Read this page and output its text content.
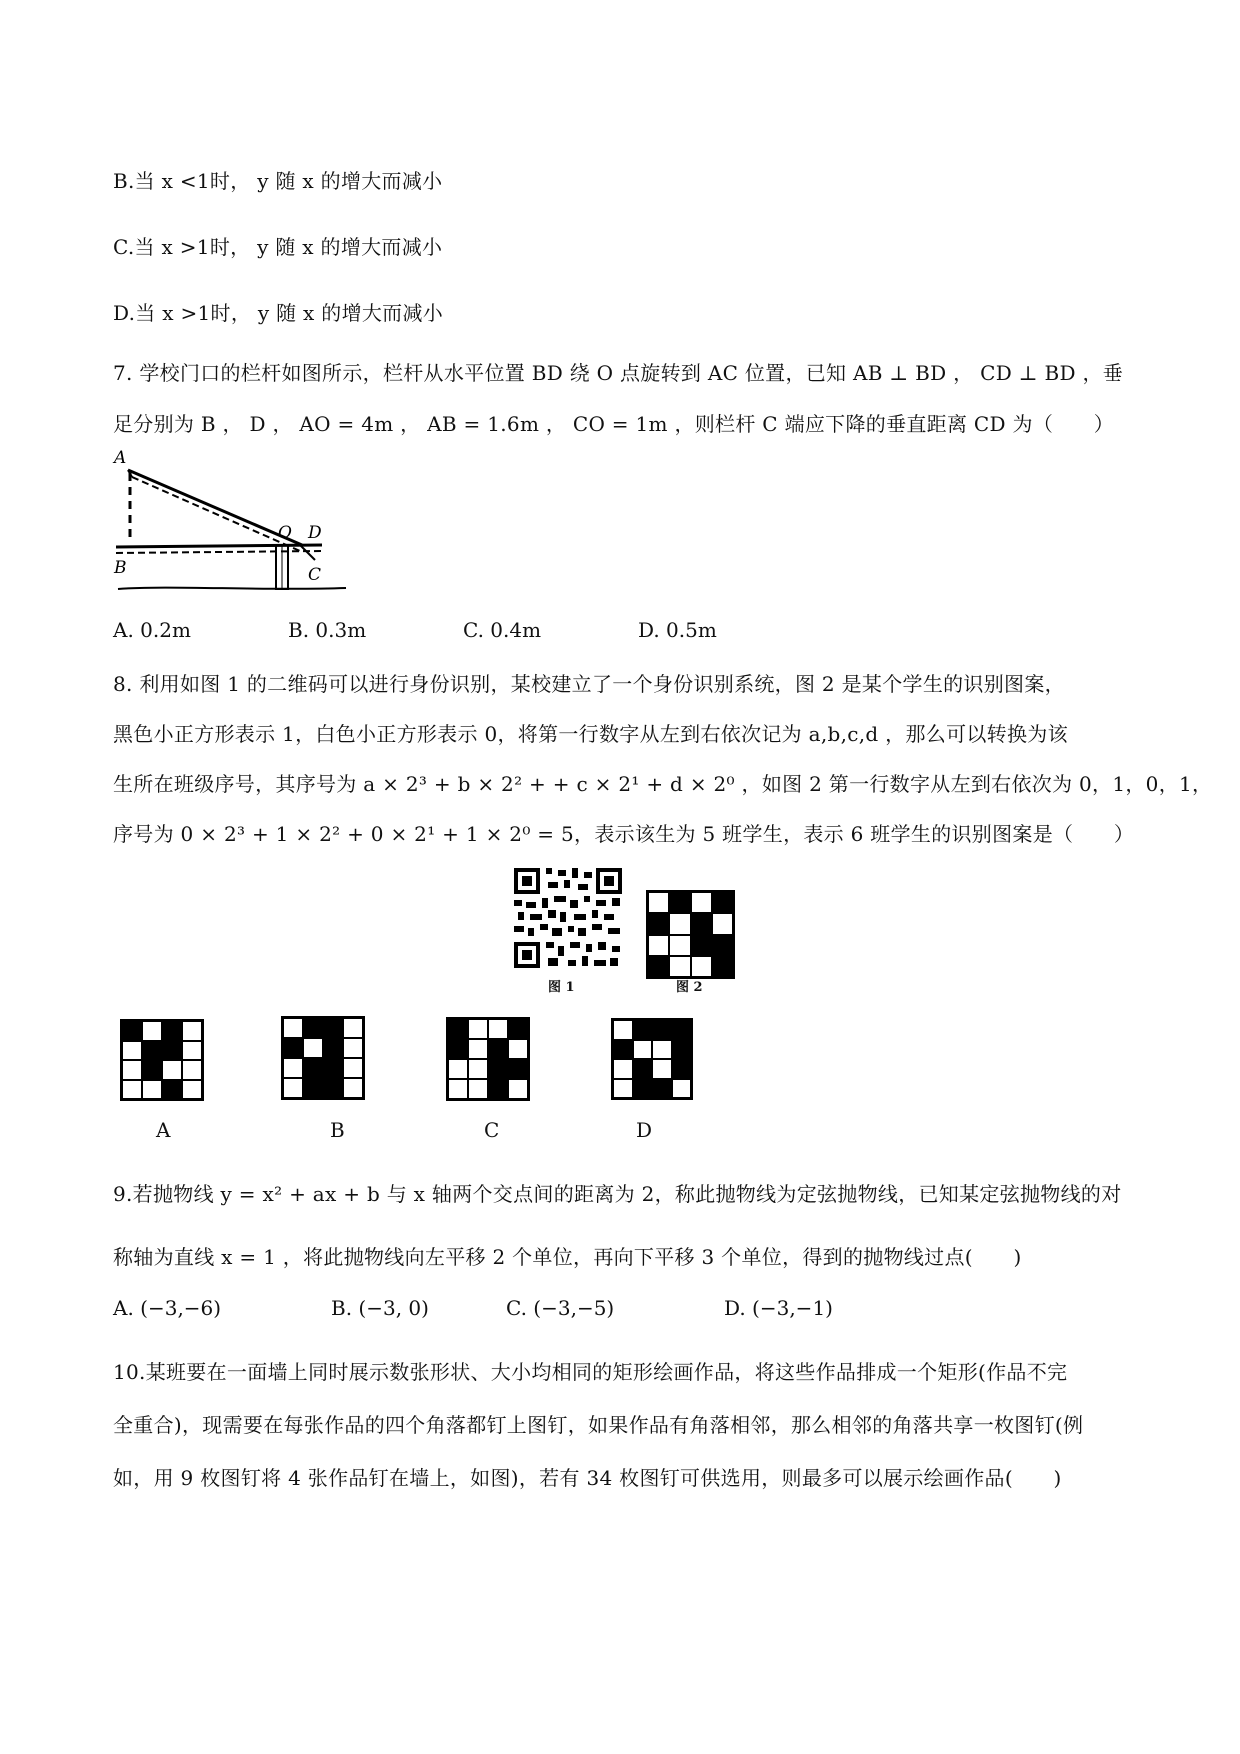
B.当 x <1时， y 随 x 的增大而减小
C.当 x >1时， y 随 x 的增大而减小
D.当 x >1时， y 随 x 的增大而减小
7. 学校门口的栏杆如图所示，栏杆从水平位置 BD 绕 O 点旋转到 AC 位置，已知 AB ⊥ BD ， CD ⊥ BD ，垂
足分别为 B ， D ， AO = 4m ， AB = 1.6m ， CO = 1m ，则栏杆 C 端应下降的垂直距离 CD 为（　　）
A
B
O D
C
A. 0.2m	B. 0.3m	C. 0.4m	D. 0.5m
8. 利用如图 1 的二维码可以进行身份识别，某校建立了一个身份识别系统，图 2 是某个学生的识别图案，
黑色小正方形表示 1，白色小正方形表示 0，将第一行数字从左到右依次记为 a,b,c,d ，那么可以转换为该
生所在班级序号，其序号为 a × 2³ + b × 2² + + c × 2¹ + d × 2⁰ ，如图 2 第一行数字从左到右依次为 0，1，0，1，
序号为 0 × 2³ + 1 × 2² + 0 × 2¹ + 1 × 2⁰ = 5，表示该生为 5 班学生，表示 6 班学生的识别图案是（　　）
图 1	图 2
A	B	C	D
9.若抛物线 y = x² + ax + b 与 x 轴两个交点间的距离为 2，称此抛物线为定弦抛物线，已知某定弦抛物线的对
称轴为直线 x = 1 ，将此抛物线向左平移 2 个单位，再向下平移 3 个单位，得到的抛物线过点(　　)
A. (−3,−6)	B. (−3, 0)	C. (−3,−5)	D. (−3,−1)
10.某班要在一面墙上同时展示数张形状、大小均相同的矩形绘画作品，将这些作品排成一个矩形(作品不完
全重合)，现需要在每张作品的四个角落都钉上图钉，如果作品有角落相邻，那么相邻的角落共享一枚图钉(例
如，用 9 枚图钉将 4 张作品钉在墙上，如图)，若有 34 枚图钉可供选用，则最多可以展示绘画作品(　　)
